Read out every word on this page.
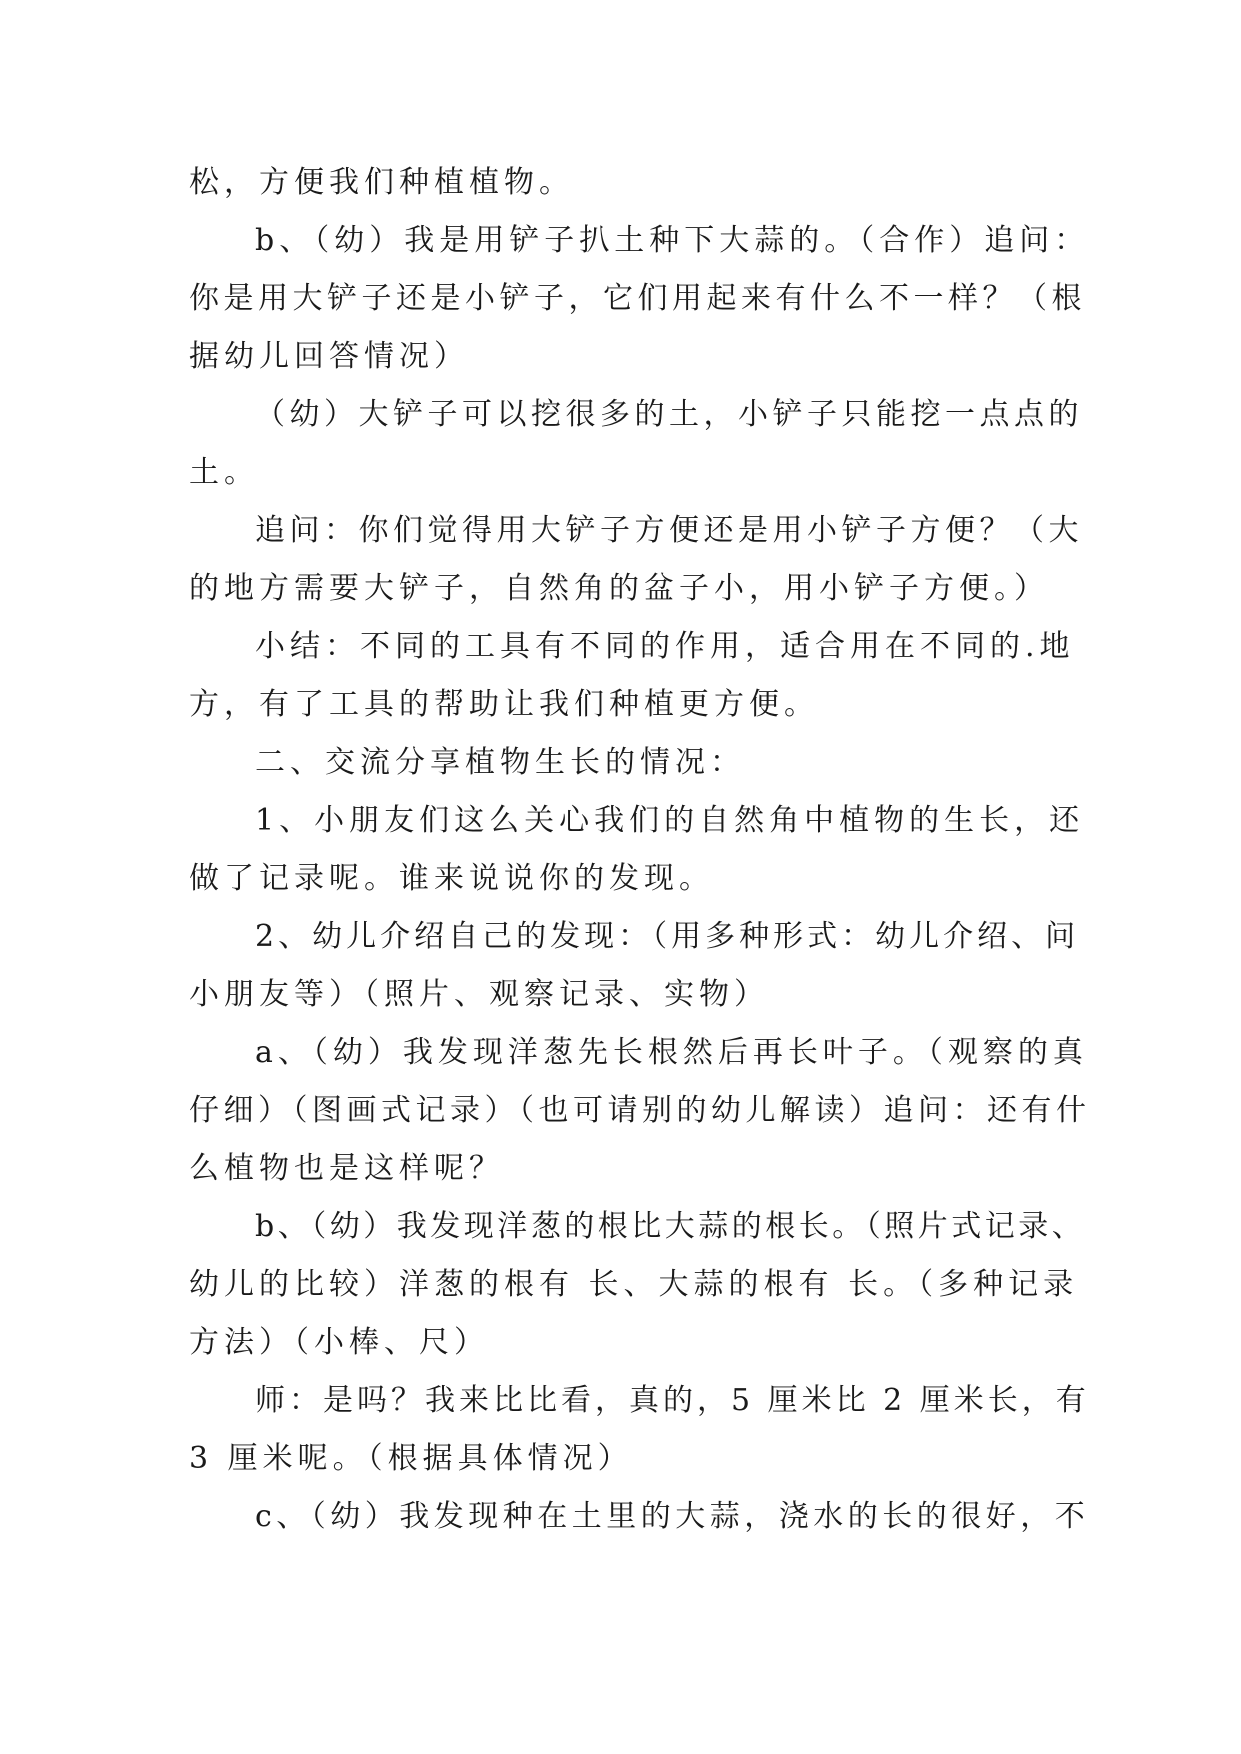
松，方便我们种植植物。
b、（幼）我是用铲子扒土种下大蒜的。（合作）追问：
你是用大铲子还是小铲子，它们用起来有什么不一样？（根
据幼儿回答情况）
（幼）大铲子可以挖很多的土，小铲子只能挖一点点的
土。
追问：你们觉得用大铲子方便还是用小铲子方便？（大
的地方需要大铲子，自然角的盆子小，用小铲子方便。）
小结：不同的工具有不同的作用，适合用在不同的.地
方，有了工具的帮助让我们种植更方便。
二、交流分享植物生长的情况：
1、小朋友们这么关心我们的自然角中植物的生长，还
做了记录呢。谁来说说你的发现。
2、幼儿介绍自己的发现：（用多种形式：幼儿介绍、问
小朋友等）（照片、观察记录、实物）
a、（幼）我发现洋葱先长根然后再长叶子。（观察的真
仔细）（图画式记录）（也可请别的幼儿解读）追问：还有什
么植物也是这样呢？
b、（幼）我发现洋葱的根比大蒜的根长。（照片式记录、
幼儿的比较）洋葱的根有 长、大蒜的根有 长。（多种记录
方法）（小棒、尺）
师：是吗？我来比比看，真的，5 厘米比 2 厘米长，有
3 厘米呢。（根据具体情况）
c、（幼）我发现种在土里的大蒜，浇水的长的很好，不
